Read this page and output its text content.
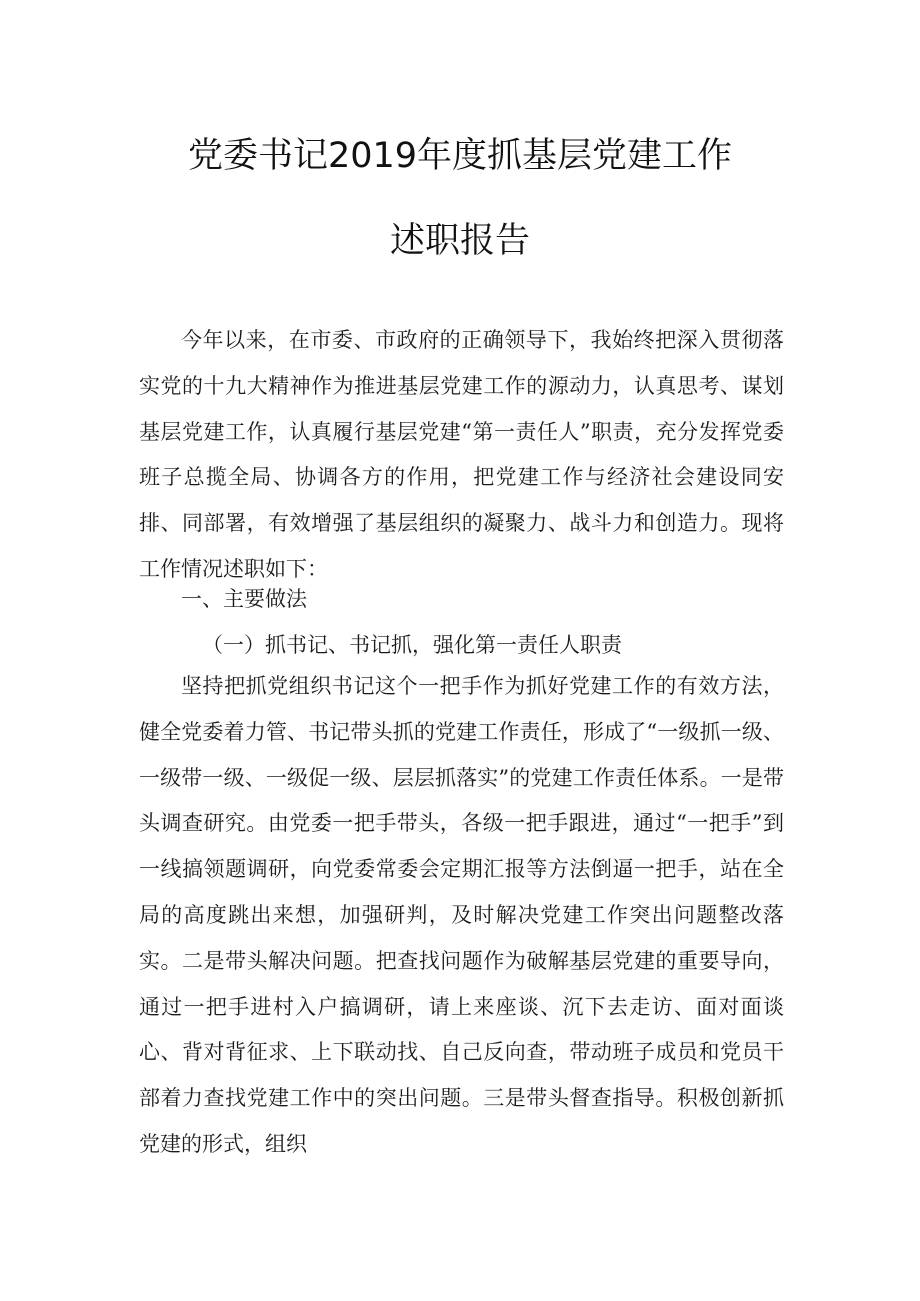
党委书记2019年度抓基层党建工作
述职报告

今年以来，在市委、市政府的正确领导下，我始终把深入贯彻落实党的十九大精神作为推进基层党建工作的源动力，认真思考、谋划基层党建工作，认真履行基层党建“第一责任人”职责，充分发挥党委班子总揽全局、协调各方的作用，把党建工作与经济社会建设同安排、同部署，有效增强了基层组织的凝聚力、战斗力和创造力。现将工作情况述职如下：

一、主要做法

（一）抓书记、书记抓，强化第一责任人职责

坚持把抓党组织书记这个一把手作为抓好党建工作的有效方法，健全党委着力管、书记带头抓的党建工作责任，形成了“一级抓一级、一级带一级、一级促一级、层层抓落实”的党建工作责任体系。一是带头调查研究。由党委一把手带头，各级一把手跟进，通过“一把手”到一线搞领题调研，向党委常委会定期汇报等方法倒逼一把手，站在全局的高度跳出来想，加强研判，及时解决党建工作突出问题整改落实。二是带头解决问题。把查找问题作为破解基层党建的重要导向，通过一把手进村入户搞调研，请上来座谈、沉下去走访、面对面谈心、背对背征求、上下联动找、自己反向查，带动班子成员和党员干部着力查找党建工作中的突出问题。三是带头督查指导。积极创新抓党建的形式，组织
